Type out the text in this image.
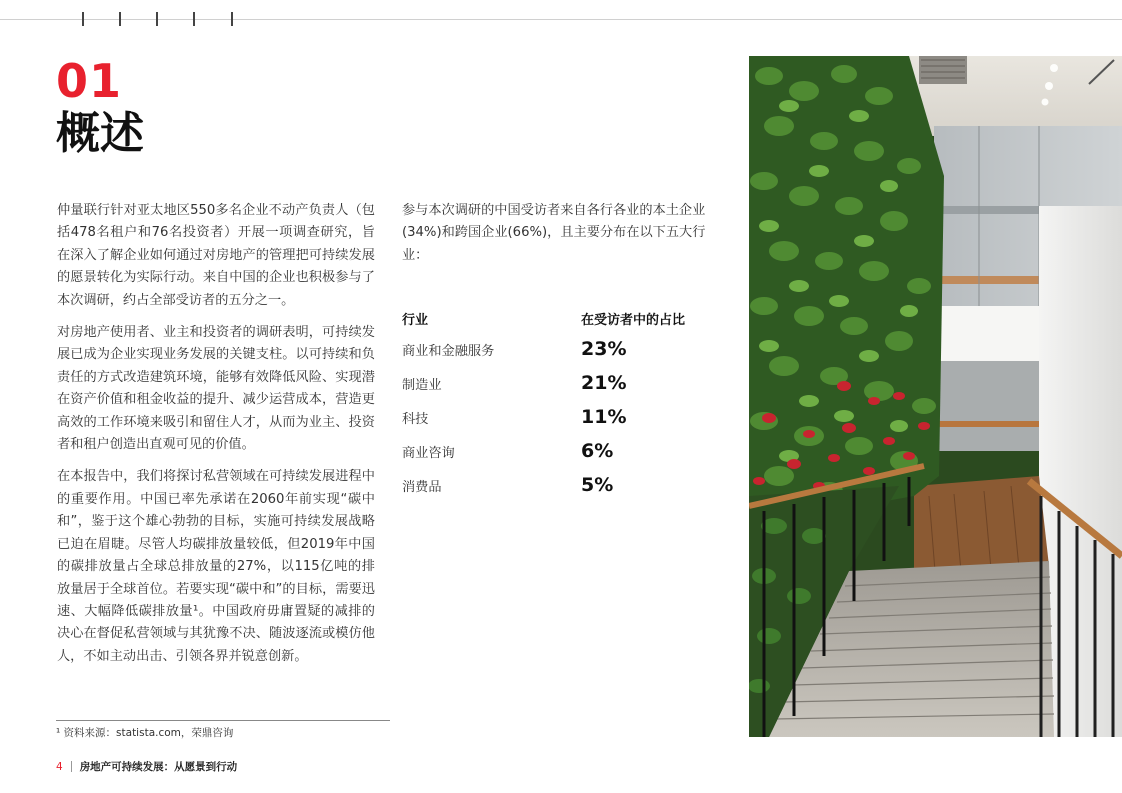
01
概述

仲量联行针对亚太地区550多名企业不动产负责人（包括478名租户和76名投资者）开展一项调查研究，旨在深入了解企业如何通过对房地产的管理把可持续发展的愿景转化为实际行动。来自中国的企业也积极参与了本次调研，约占全部受访者的五分之一。

对房地产使用者、业主和投资者的调研表明，可持续发展已成为企业实现业务发展的关键支柱。以可持续和负责任的方式改造建筑环境，能够有效降低风险、实现潜在资产价值和租金收益的提升、减少运营成本，营造更高效的工作环境来吸引和留住人才，从而为业主、投资者和租户创造出直观可见的价值。

在本报告中，我们将探讨私营领域在可持续发展进程中的重要作用。中国已率先承诺在2060年前实现“碳中和”，鉴于这个雄心勃勃的目标，实施可持续发展战略已迫在眉睫。尽管人均碳排放量较低，但2019年中国的碳排放量占全球总排放量的27%，以115亿吨的排放量居于全球首位。若要实现“碳中和”的目标，需要迅速、大幅降低碳排放量¹。中国政府毋庸置疑的减排的决心在督促私营领域与其犹豫不决、随波逐流或模仿他人，不如主动出击、引领各界并锐意创新。

参与本次调研的中国受访者来自各行各业的本土企业(34%)和跨国企业(66%)，且主要分布在以下五大行业：
行业	在受访者中的占比
商业和金融服务	23%
制造业	21%
科技	11%
商业咨询	6%
消费品	5%
¹ 资料来源：statista.com，荣鼎咨询
4 房地产可持续发展：从愿景到行动
